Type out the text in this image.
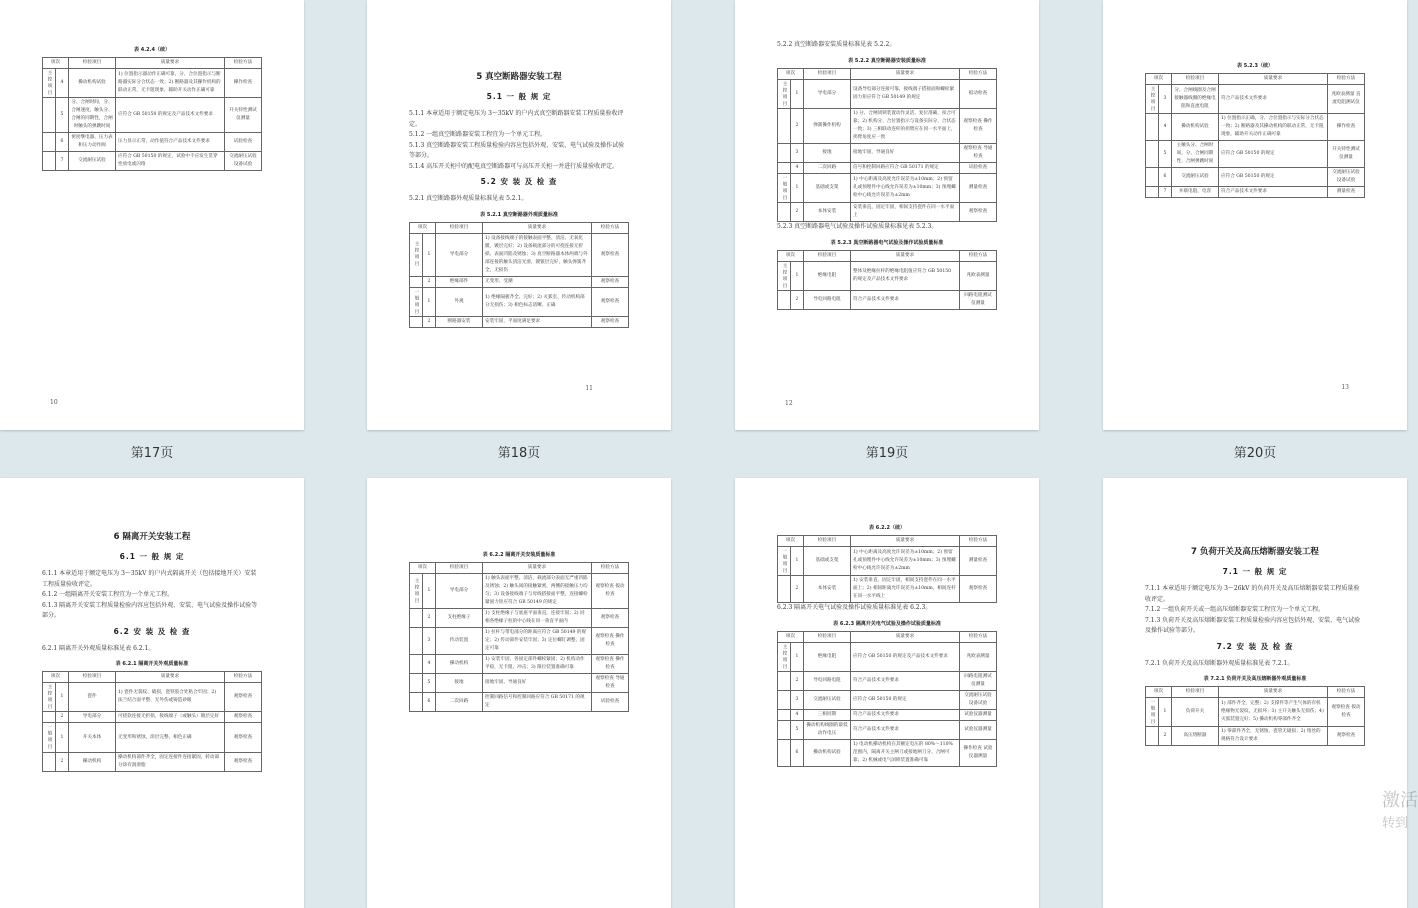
表 4.2.4（续）
项次		检验项目	质量要求	检验方法
主控项目	4	操动机构试验	1) 位置指示器动作正确可靠，分、合位置指示与断路器实际分合状态一致；2) 断路器及其操作机构的联动正常，无卡阻现象，辅助开关动作正确可靠	操作检查
	5	分、合闸时间，分、合闸速度，触头分、合闸的同期性，合闸时触头的弹跳时间	应符合 GB 50150 的规定及产品技术文件要求	开关特性测试仪测量
	6	密度继电器、压力表和压力动作阀	压力显示正常，动作值符合产品技术文件要求	试验检查
	7	交流耐压试验	应符合 GB 50150 的规定，试验中不应发生贯穿性放电或闪络	交流耐压试验设备试验
10
第17页
5 真空断路器安装工程
5.1 一 般 规 定

5.1.1 本章适用于额定电压为 3～35kV 的户内式真空断路器安装工程质量验收评定。

5.1.2 一组真空断路器安装工程宜为一个单元工程。

5.1.3 真空断路器安装工程质量检验内容应包括外观、安装、电气试验及操作试验等部分。

5.1.4 高压开关柜中的配电真空断路器可与高压开关柜一并进行质量验收评定。

5.2 安 装 及 检 查

5.2.1 真空断路器外观质量标准见表 5.2.1。

表 5.2.1 真空断路器外观质量标准
项次		检验项目	质量要求	检验方法
主控项目	1	导电部分	1) 设备接线端子的接触表面平整、清洁、无氧化膜，镀层完好；2) 设备载流部分的可挠连接无折损、表面凹陷及锈蚀；3) 真空断路器本体两端与外部连接的触头清洁光滑，镀银层完好，触头弹簧齐全，无损伤	观察检查
	2	绝缘部件	无变形、受潮	观察检查
一般项目	1	外观	1) 绝缘隔板齐全、完好；2) 灭弧室、传动机构部分无损伤；3) 相色标志清晰、正确	观察检查
	2	断路器安装	安装牢固，平面度满足要求	观察检查
11
第18页

5.2.2 真空断路器安装质量标准见表 5.2.2。

表 5.2.2 真空断路器安装质量标准
项次		检验项目	质量要求	检验方法
主控项目	1	导电部分	设备导电部分连接可靠，接线端子搭接面和螺栓紧固力矩应符合 GB 50149 的规定	扳动检查
	2	弹簧操作机构	1) 分、合闸闭锁装置动作灵活、复位准确，扣合可靠；2) 机构分、合位置指示与设备实际分、合状态一致；3) 三相联动连杆的拐臂应在同一水平面上，拐臂角度应一致	观察检查 操作检查
	3	接地	接地牢固，导通良好	观察检查 导通检查
	4	二次回路	信号和控制回路应符合 GB 50171 的规定	试验检查
一般项目	1	基础或支架	1) 中心距离及高度允许误差为±10mm；2) 预留孔或预埋件中心线允许误差为±10mm；3) 预埋螺栓中心线允许误差为±2mm	测量检查
	2	本体安装	安装垂直，固定牢固，相间支持瓷件在同一水平面上	观察检查

5.2.3 真空断路器电气试验及操作试验质量标准见表 5.2.3。

表 5.2.3 真空断路器电气试验及操作试验质量标准
项次		检验项目	质量要求	检验方法
主控项目	1	绝缘电阻	整体及绝缘拉杆的绝缘电阻值应符合 GB 50150 的规定及产品技术文件要求	兆欧表测量
	2	导电回路电阻	符合产品技术文件要求	回路电阻测试仪测量
12
第19页
表 5.2.3（续）
项次		检验项目	质量要求	检验方法
主控项目	3	分、合闸线圈及合闸接触器线圈的绝缘电阻和直流电阻	符合产品技术文件要求	兆欧表测量 直流电阻测试仪
	4	操动机构试验	1) 位置指示正确，分、合位置指示与实际分合状态一致；2) 断路器及其操动机构的联动正常，无卡阻现象，辅助开关动作正确可靠	操作检查
	5	主触头分、合闸时间，分、合闸同期性，合闸弹跳时间	应符合 GB 50150 的规定	开关特性测试仪测量
	6	交流耐压试验	应符合 GB 50150 的规定	交流耐压试验设备试验
	7	并联电阻、电容	符合产品技术文件要求	测量检查
13
第20页
6 隔离开关安装工程
6.1 一 般 规 定

6.1.1 本章适用于额定电压为 3～35kV 的户内式隔离开关（包括接地开关）安装工程质量验收评定。

6.1.2 一组隔离开关安装工程宜为一个单元工程。

6.1.3 隔离开关安装工程质量检验内容应包括外观、安装、电气试验及操作试验等部分。

6.2 安 装 及 检 查

6.2.1 隔离开关外观质量标准见表 6.2.1。

表 6.2.1 隔离开关外观质量标准
项次		检验项目	质量要求	检验方法
主控项目	1	瓷件	1) 瓷件无裂纹、破损，瓷铁胶合处粘合牢固；2) 法兰结合面平整、无外伤或铸造砂眼	观察检查
	2	导电部分	可挠软连接无折损，接线端子（或触头）镀层完好	观察检查
一般项目	1	开关本体	无变形和锈蚀，涂层完整，相色正确	观察检查
	2	操动机构	操动机构部件齐全，固定连接件连接紧固，转动部分涂有润滑脂	观察检查
表 6.2.2 隔离开关安装质量标准
项次		检验项目	质量要求	检验方法
主控项目	1	导电部分	1) 触头表面平整、清洁，载流部分表面无严重凹陷及锈蚀；2) 触头间的接触紧密，两侧的接触压力均匀；3) 设备接线端子与母线搭接面平整，连接螺栓紧固力矩应符合 GB 50149 的规定	观察检查 扳动检查
	2	支柱绝缘子	1) 支柱绝缘子与底座平面垂直，连接牢固；2) 同相各绝缘子柱的中心线在同一垂直平面内	观察检查
	3	传动装置	1) 拉杆与带电部分的距离应符合 GB 50149 的规定；2) 传动部件安装牢固；3) 定位螺钉调整，固定可靠	观察检查 操作检查
	4	操动机构	1) 安装牢固，各固定部件螺栓紧固；2) 机构动作平稳，无卡阻、冲击；3) 限位装置准确可靠	观察检查 操作检查
	5	接地	接地牢固，导通良好	观察检查 导通检查
	6	二次回路	控制回路信号和控制回路应符合 GB 50171 的规定	试验检查
表 6.2.2（续）
项次		检验项目	质量要求	检验方法
一般项目	1	基础或支架	1) 中心距离及高度允许误差为±10mm；2) 预留孔或预埋件中心线允许误差为±10mm；3) 预埋螺栓中心线允许误差为±2mm	测量检查
	2	本体安装	1) 安装垂直，固定牢固，相间支持瓷件在同一水平面上；2) 相间距离允许误差为±10mm，相间连杆在同一水平线上	观察检查

6.2.3 隔离开关电气试验及操作试验质量标准见表 6.2.3。

表 6.2.3 隔离开关电气试验及操作试验质量标准
项次		检验项目	质量要求	检验方法
主控项目	1	绝缘电阻	应符合 GB 50150 的规定及产品技术文件要求	兆欧表测量
	2	导电回路电阻	符合产品技术文件要求	回路电阻测试仪测量
	3	交流耐压试验	应符合 GB 50150 的规定	交流耐压试验设备试验
	4	三相同期	符合产品技术文件要求	试验仪器测量
	5	操动机构线圈的最低动作电压	符合产品技术文件要求	试验仪器测量
	6	操动机构试验	1) 电动机操动机构在其额定电压的 80%～110% 范围内，隔离开关主闸刀或接地闸刀分、合闸可靠；2) 机械或电气闭锁装置准确可靠	操作检查 试验仪器测量
7 负荷开关及高压熔断器安装工程
7.1 一 般 规 定

7.1.1 本章适用于额定电压为 3～26kV 的负荷开关及高压熔断器安装工程质量验收评定。

7.1.2 一组负荷开关或一组高压熔断器安装工程宜为一个单元工程。

7.1.3 负荷开关及高压熔断器安装工程质量检验内容应包括外观、安装、电气试验及操作试验等部分。

7.2 安 装 及 检 查

7.2.1 负荷开关及高压熔断器外观质量标准见表 7.2.1。

表 7.2.1 负荷开关及高压熔断器外观质量标准
项次		检验项目	质量要求	检验方法
一般项目	1	负荷开关	1) 部件齐全，完整；2) 支撑件等产生气体的有机绝缘物无裂纹、无损坏；3) 主开关触头无损伤；4) 灭弧装置完好；5) 操动机构零部件齐全	观察检查 扳动检查
	2	高压熔断器	1) 零部件齐全，无锈蚀，瓷管无破损；2) 熔丝的规格符合设计要求	观察检查
激活
转到
